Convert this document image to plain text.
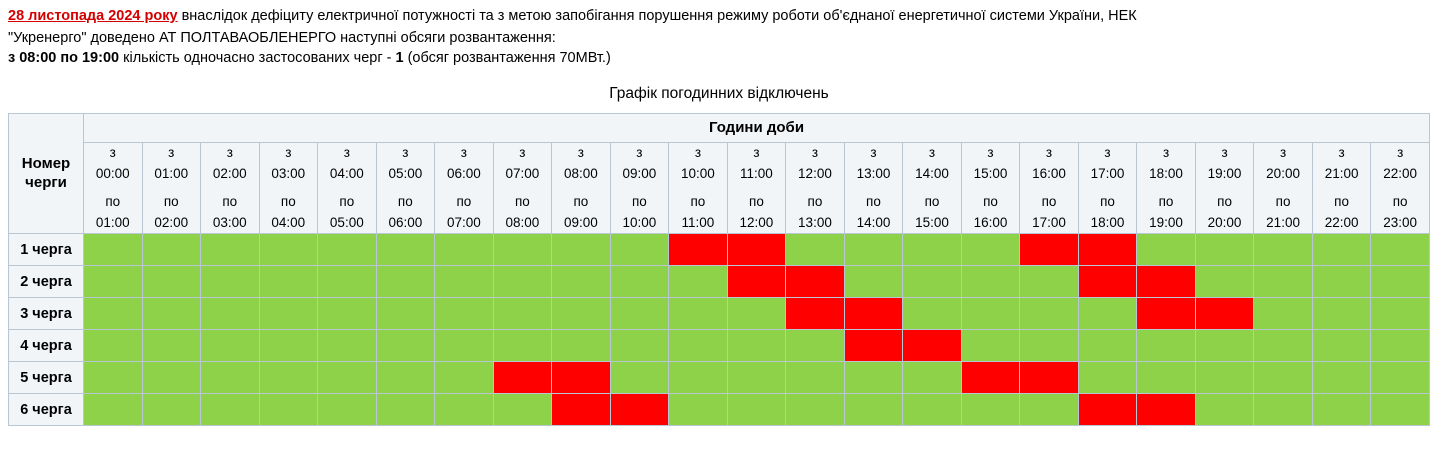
28 листопада 2024 року внаслідок дефіциту електричної потужності та з метою запобігання порушення режиму роботи об'єднаної енергетичної системи України, НЕК
"Укренерго" доведено АТ ПОЛТАВАОБЛЕНЕРГО наступні обсяги розвантаження:
з 08:00 по 19:00 кількість одночасно застосованих черг - 1 (обсяг розвантаження 70МВт.)
Графік погодинних відключень
Номер
черги	Години доби																						

	з
00:00
по
01:00	з
01:00
по
02:00	з
02:00
по
03:00	з
03:00
по
04:00	з
04:00
по
05:00	з
05:00
по
06:00	з
06:00
по
07:00	з
07:00
по
08:00	з
08:00
по
09:00	з
09:00
по
10:00	з
10:00
по
11:00	з
11:00
по
12:00	з
12:00
по
13:00	з
13:00
по
14:00	з
14:00
по
15:00	з
15:00
по
16:00	з
16:00
по
17:00	з
17:00
по
18:00	з
18:00
по
19:00	з
19:00
по
20:00	з
20:00
по
21:00	з
21:00
по
22:00	з
22:00
по
23:00

1 черга																							
2 черга																							
3 черга																							
4 черга																							
5 черга																							
6 черга																							
